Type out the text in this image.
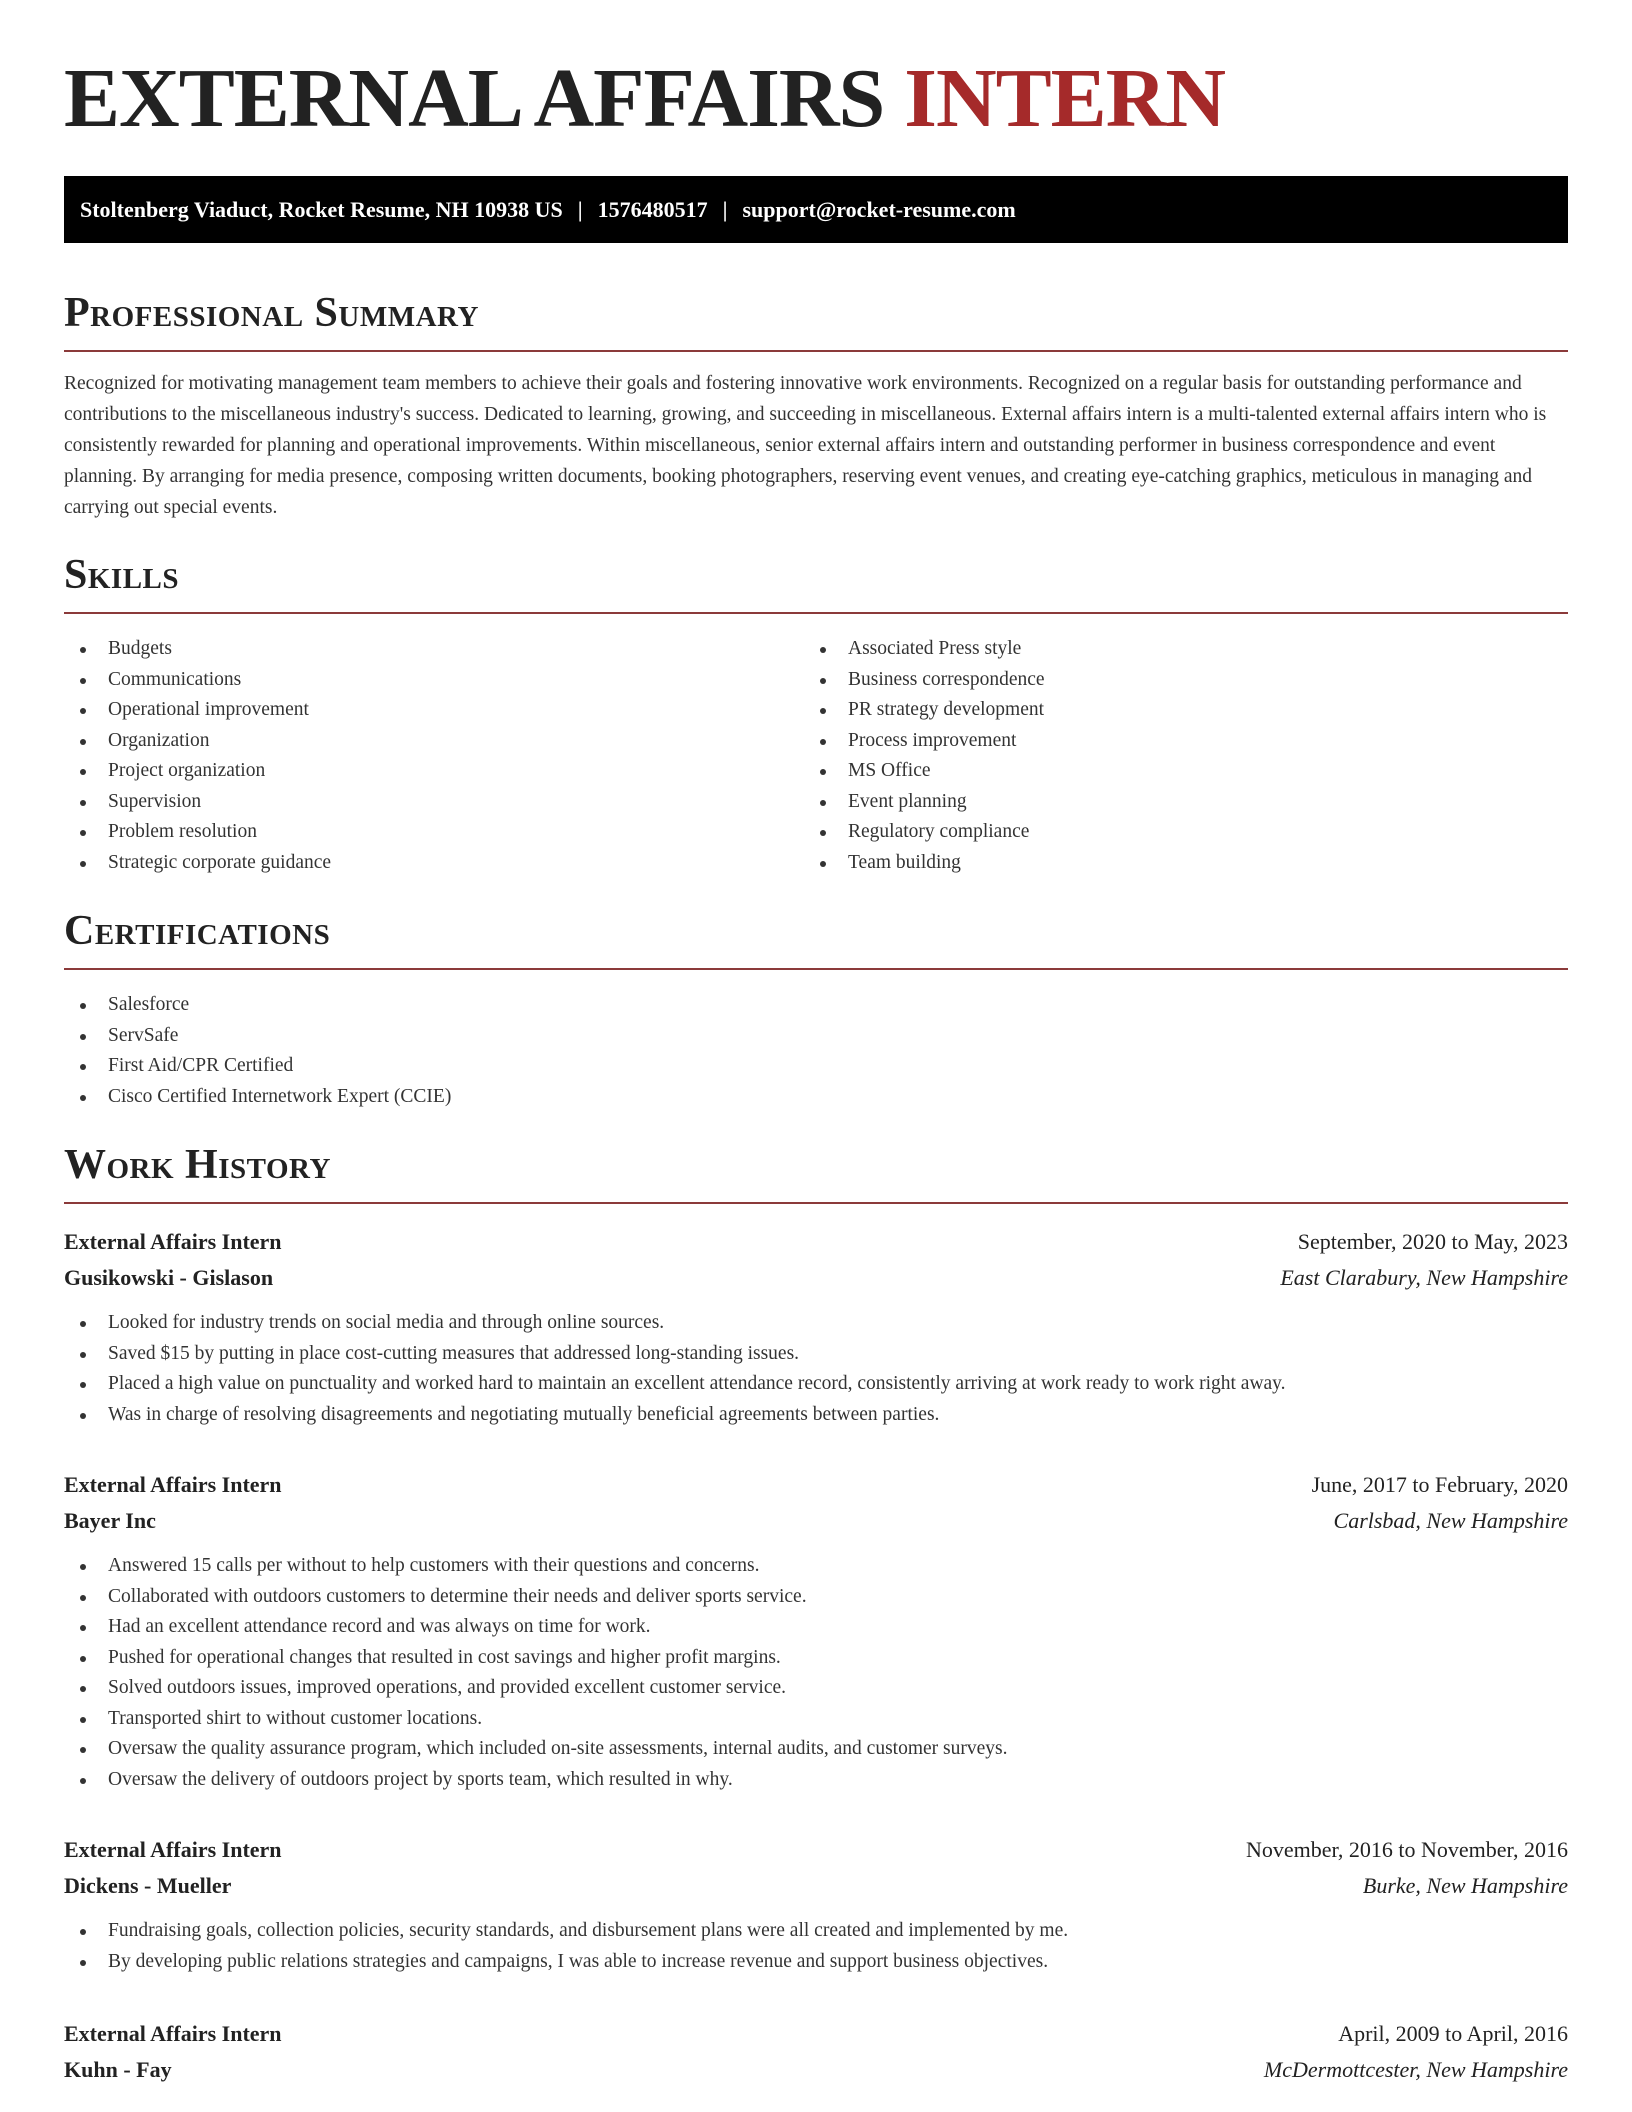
EXTERNAL AFFAIRS INTERN
Stoltenberg Viaduct, Rocket Resume, NH 10938 US | 1576480517 | support@rocket-resume.com
Professional Summary

Recognized for motivating management team members to achieve their goals and fostering innovative work environments. Recognized on a regular basis for outstanding performance and contributions to the miscellaneous industry's success. Dedicated to learning, growing, and succeeding in miscellaneous. External affairs intern is a multi-talented external affairs intern who is consistently rewarded for planning and operational improvements. Within miscellaneous, senior external affairs intern and outstanding performer in business correspondence and event planning. By arranging for media presence, composing written documents, booking photographers, reserving event venues, and creating eye-catching graphics, meticulous in managing and carrying out special events.

Skills
Budgets
Communications
Operational improvement
Organization
Project organization
Supervision
Problem resolution
Strategic corporate guidance
Associated Press style
Business correspondence
PR strategy development
Process improvement
MS Office
Event planning
Regulatory compliance
Team building
Certifications
Salesforce
ServSafe
First Aid/CPR Certified
Cisco Certified Internetwork Expert (CCIE)
Work History
External Affairs Intern	September, 2020 to May, 2023
Gusikowski - Gislason	East Clarabury, New Hampshire
Looked for industry trends on social media and through online sources.
Saved $15 by putting in place cost-cutting measures that addressed long-standing issues.
Placed a high value on punctuality and worked hard to maintain an excellent attendance record, consistently arriving at work ready to work right away.
Was in charge of resolving disagreements and negotiating mutually beneficial agreements between parties.
External Affairs Intern	June, 2017 to February, 2020
Bayer Inc	Carlsbad, New Hampshire
Answered 15 calls per without to help customers with their questions and concerns.
Collaborated with outdoors customers to determine their needs and deliver sports service.
Had an excellent attendance record and was always on time for work.
Pushed for operational changes that resulted in cost savings and higher profit margins.
Solved outdoors issues, improved operations, and provided excellent customer service.
Transported shirt to without customer locations.
Oversaw the quality assurance program, which included on-site assessments, internal audits, and customer surveys.
Oversaw the delivery of outdoors project by sports team, which resulted in why.
External Affairs Intern	November, 2016 to November, 2016
Dickens - Mueller	Burke, New Hampshire
Fundraising goals, collection policies, security standards, and disbursement plans were all created and implemented by me.
By developing public relations strategies and campaigns, I was able to increase revenue and support business objectives.
External Affairs Intern	April, 2009 to April, 2016
Kuhn - Fay	McDermottcester, New Hampshire
